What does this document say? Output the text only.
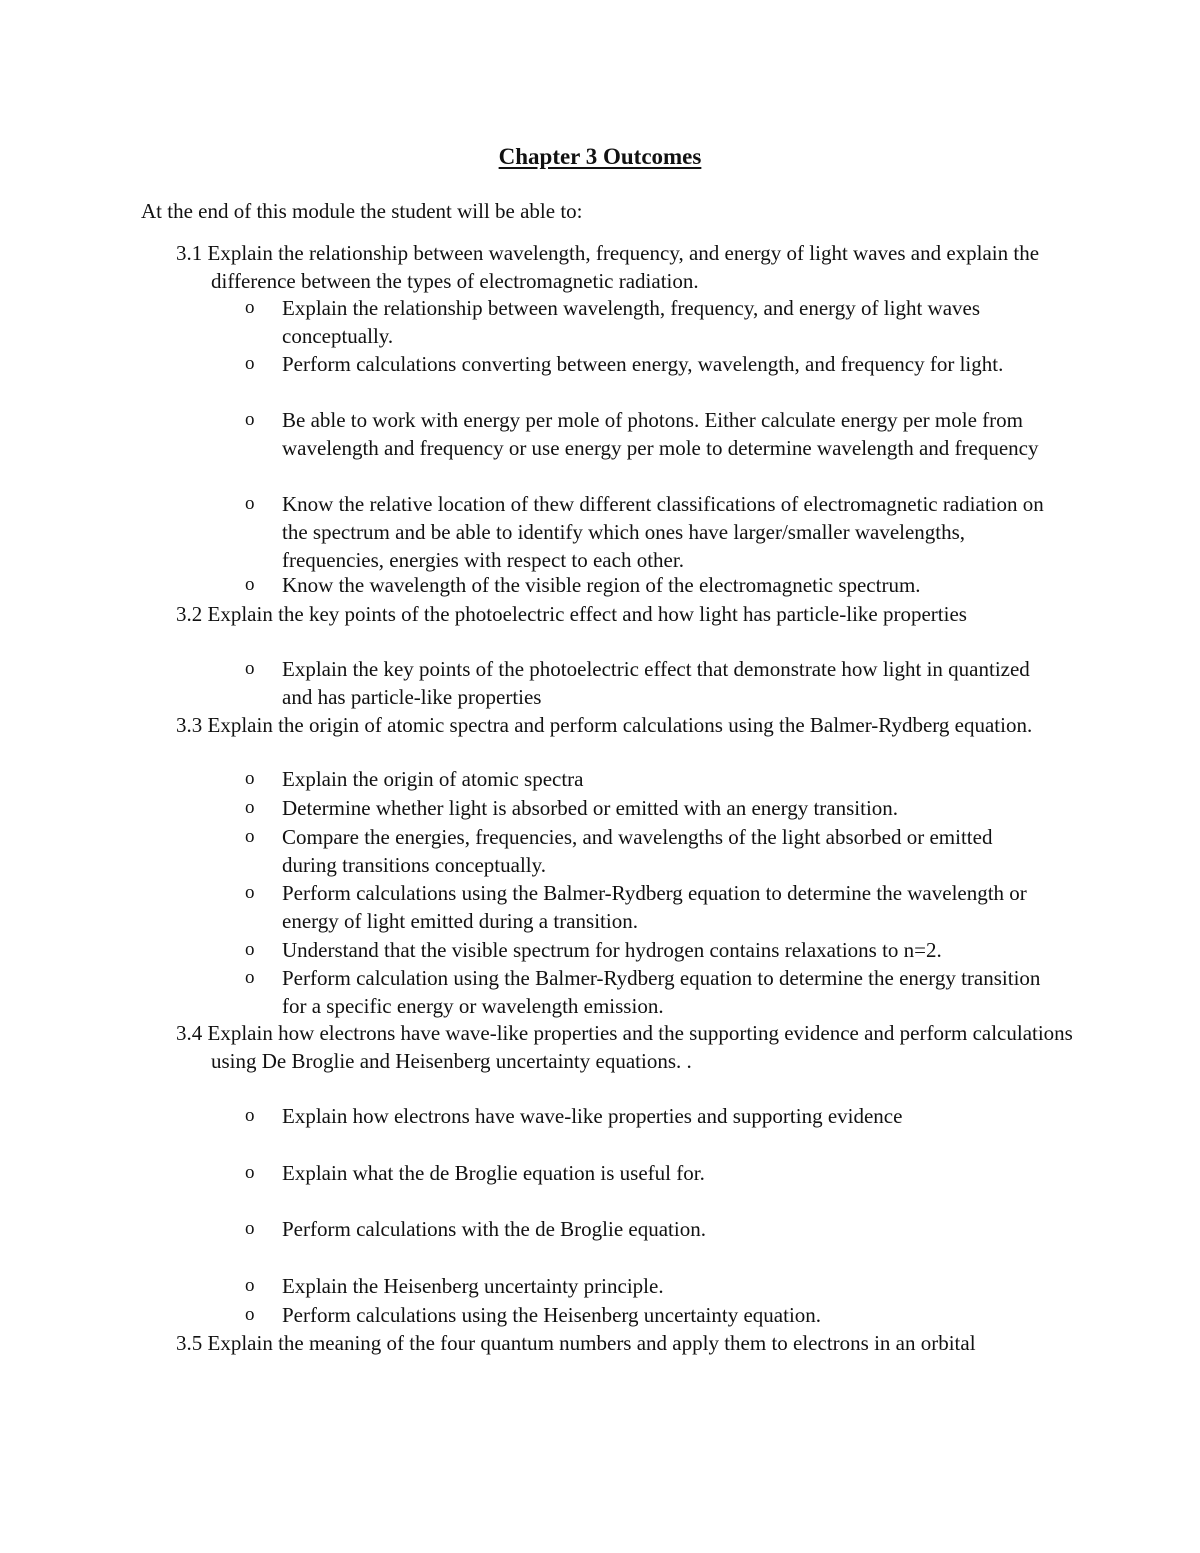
Chapter 3 Outcomes
At the end of this module the student will be able to:
3.1 Explain the relationship between wavelength, frequency, and energy of light waves and explain the difference between the types of electromagnetic radiation.
o Explain the relationship between wavelength, frequency, and energy of light waves conceptually.
o Perform calculations converting between energy, wavelength, and frequency for light.
o Be able to work with energy per mole of photons. Either calculate energy per mole from wavelength and frequency or use energy per mole to determine wavelength and frequency
o Know the relative location of thew different classifications of electromagnetic radiation on the spectrum and be able to identify which ones have larger/smaller wavelengths, frequencies, energies with respect to each other.
o Know the wavelength of the visible region of the electromagnetic spectrum.
3.2 Explain the key points of the photoelectric effect and how light has particle-like properties
o Explain the key points of the photoelectric effect that demonstrate how light in quantized and has particle-like properties
3.3 Explain the origin of atomic spectra and perform calculations using the Balmer-Rydberg equation.
o Explain the origin of atomic spectra
o Determine whether light is absorbed or emitted with an energy transition.
o Compare the energies, frequencies, and wavelengths of the light absorbed or emitted during transitions conceptually.
o Perform calculations using the Balmer-Rydberg equation to determine the wavelength or energy of light emitted during a transition.
o Understand that the visible spectrum for hydrogen contains relaxations to n=2.
o Perform calculation using the Balmer-Rydberg equation to determine the energy transition for a specific energy or wavelength emission.
3.4 Explain how electrons have wave-like properties and the supporting evidence and perform calculations using De Broglie and Heisenberg uncertainty equations. .
o Explain how electrons have wave-like properties and supporting evidence
o Explain what the de Broglie equation is useful for.
o Perform calculations with the de Broglie equation.
o Explain the Heisenberg uncertainty principle.
o Perform calculations using the Heisenberg uncertainty equation.
3.5 Explain the meaning of the four quantum numbers and apply them to electrons in an orbital
